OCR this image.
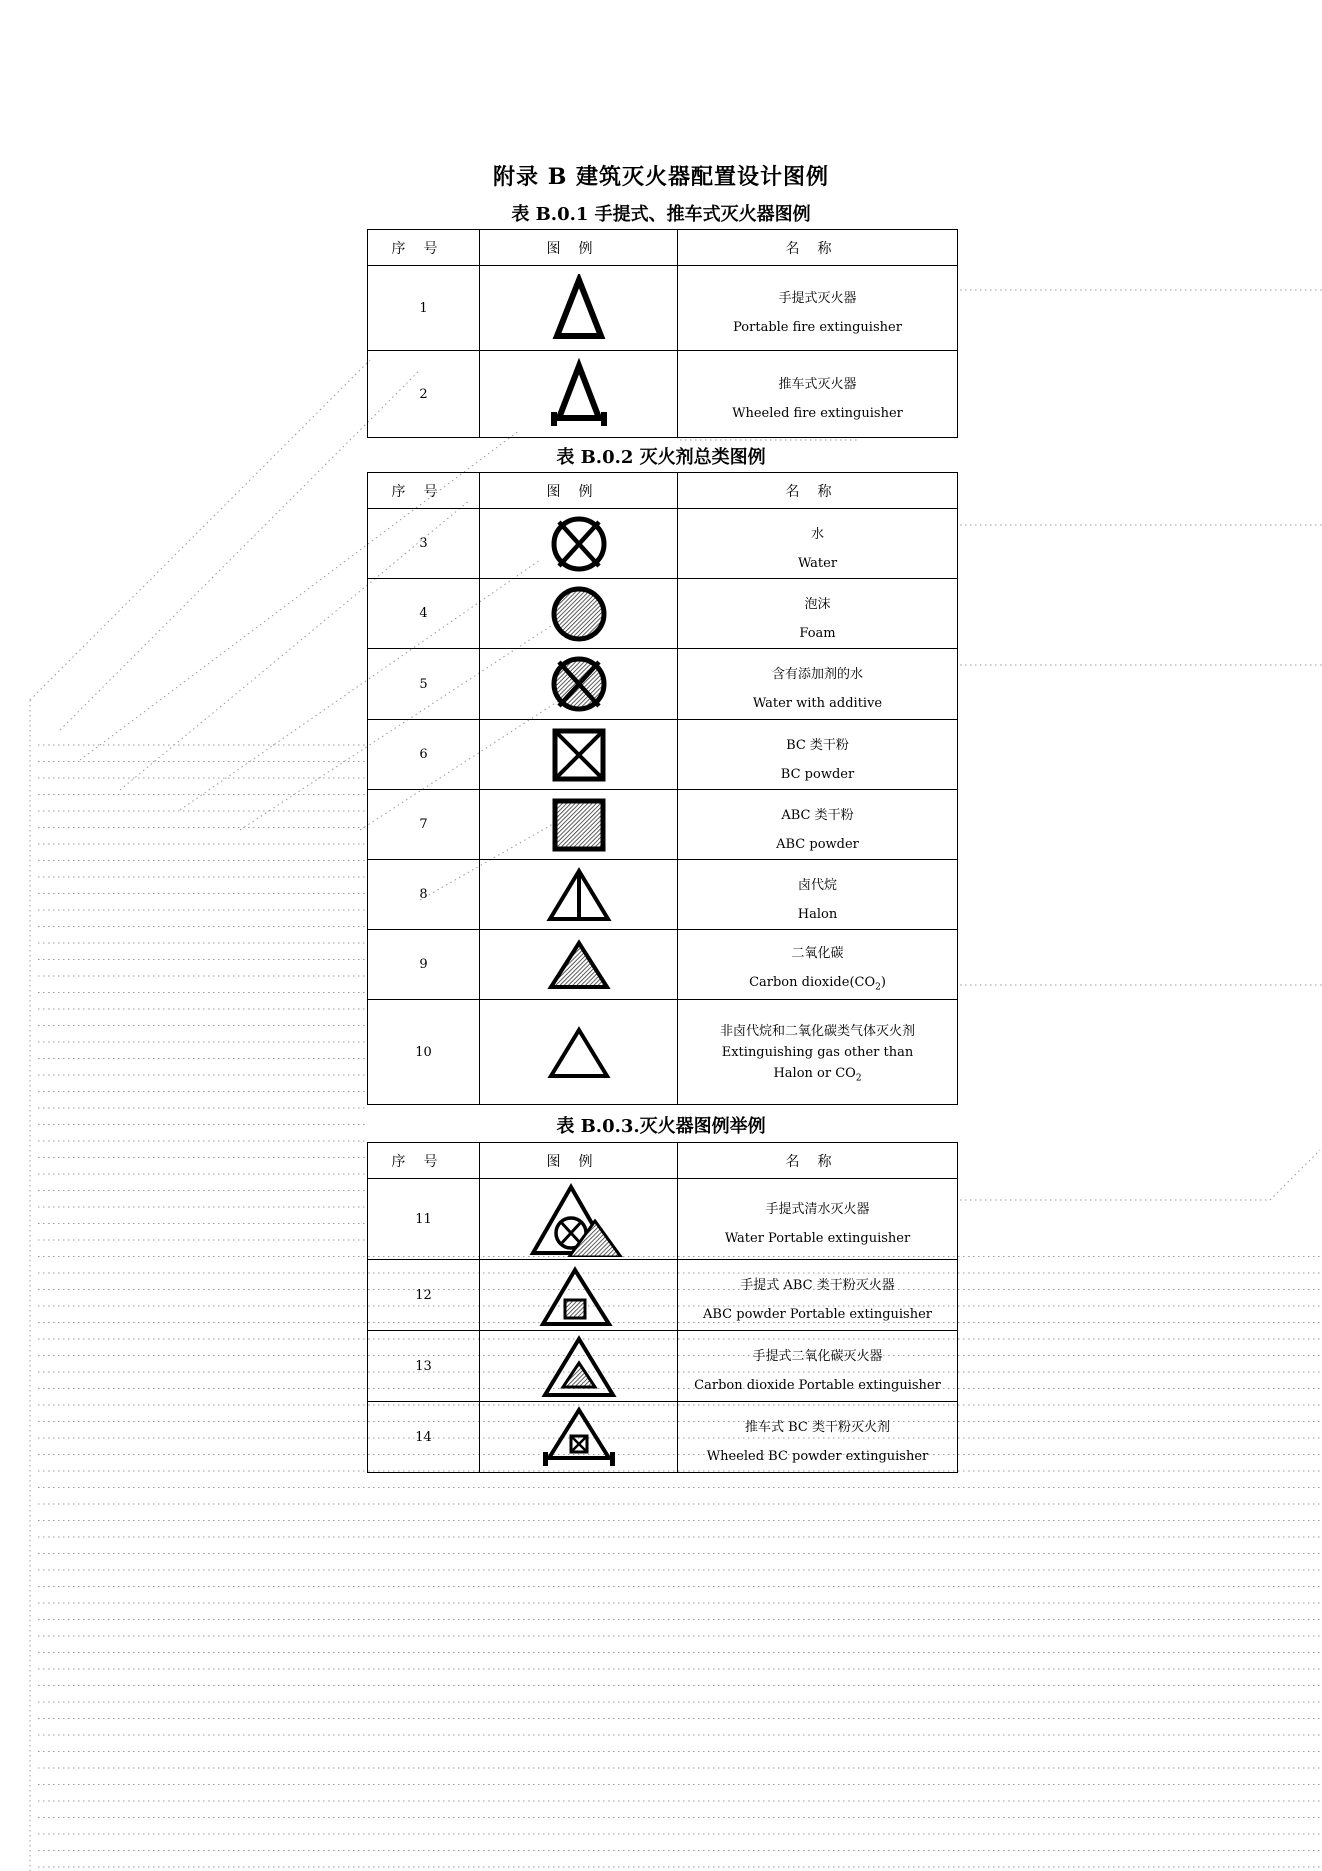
附录 B 建筑灭火器配置设计图例
表 B.0.1 手提式、推车式灭火器图例
序号	图例	名称
1		手提式灭火器
Portable fire extinguisher

2		推车式灭火器
Wheeled fire extinguisher
表 B.0.2 灭火剂总类图例
序号	图例	名称
3		水
Water

4		泡沫
Foam

5		含有添加剂的水
Water with additive

6		BC 类干粉
BC powder

7		ABC 类干粉
ABC powder

8		卤代烷
Halon

9		二氧化碳
Carbon $dioxide(CO_2)$

10		非卤代烷和二氧化碳类气体灭火剂
Extinguishing gas other than
Halon or $CO_2$
表 B.0.3.灭火器图例举例
序号	图例	名称
11		手提式清水灭火器
Water Portable extinguisher

12		手提式 ABC 类干粉灭火器
ABC powder Portable extinguisher

13		手提式二氧化碳灭火器
Carbon dioxide Portable extinguisher

14		推车式 BC 类干粉灭火剂
Wheeled BC powder extinguisher
